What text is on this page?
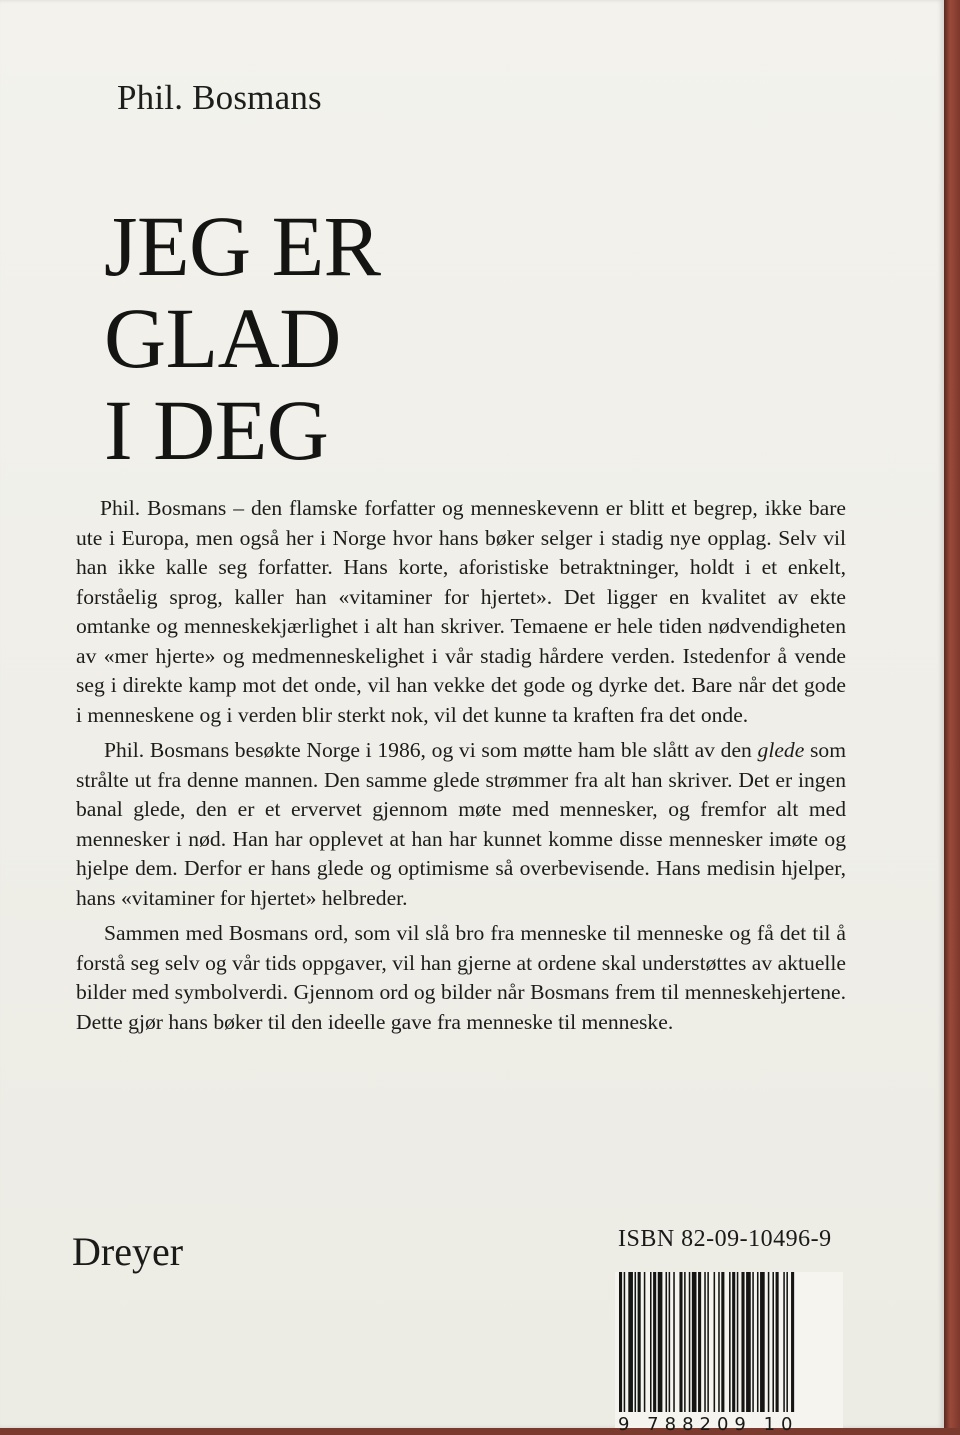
Phil. Bosmans
JEG ER
GLAD
I DEG

Phil. Bosmans – den flamske forfatter og menneskevenn er blitt et begrep, ikke bare ute i Europa, men også her i Norge hvor hans bøker selger i stadig nye opplag. Selv vil han ikke kalle seg forfatter. Hans korte, aforistiske betraktninger, holdt i et enkelt, forståelig sprog, kaller han «vitaminer for hjertet». Det ligger en kvalitet av ekte omtanke og menneskekjærlighet i alt han skriver. Temaene er hele tiden nødvendigheten av «mer hjerte» og medmenneskelighet i vår stadig hårdere verden. Istedenfor å vende seg i direkte kamp mot det onde, vil han vekke det gode og dyrke det. Bare når det gode i menneskene og i verden blir sterkt nok, vil det kunne ta kraften fra det onde.

Phil. Bosmans besøkte Norge i 1986, og vi som møtte ham ble slått av den glede som strålte ut fra denne mannen. Den samme glede strømmer fra alt han skriver. Det er ingen banal glede, den er et ervervet gjennom møte med mennesker, og fremfor alt med mennesker i nød. Han har opplevet at han har kunnet komme disse mennesker imøte og hjelpe dem. Derfor er hans glede og optimisme så overbevisende. Hans medisin hjelper, hans «vitaminer for hjertet» helbreder.

Sammen med Bosmans ord, som vil slå bro fra menneske til menneske og få det til å forstå seg selv og vår tids oppgaver, vil han gjerne at ordene skal understøttes av aktuelle bilder med symbolverdi. Gjennom ord og bilder når Bosmans frem til menneskehjertene. Dette gjør hans bøker til den ideelle gave fra menneske til menneske.

Dreyer	ISBN 82-09-10496-9
9 788209 10
